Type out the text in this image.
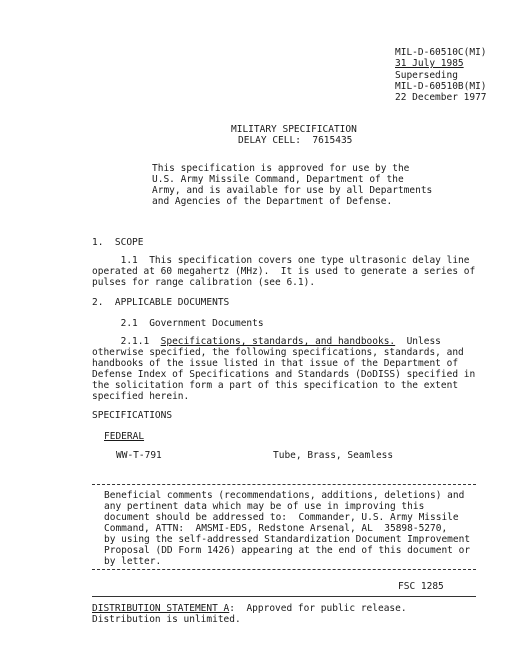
MIL-D-60510C(MI)
31 July 1985
Superseding
MIL-D-60510B(MI)
22 December 1977
MILITARY SPECIFICATION
DELAY CELL:  7615435
This specification is approved for use by the
U.S. Army Missile Command, Department of the
Army, and is available for use by all Departments
and Agencies of the Department of Defense.
1.  SCOPE
1.1  This specification covers one type ultrasonic delay line
operated at 60 megahertz (MHz).  It is used to generate a series of
pulses for range calibration (see 6.1).
2.  APPLICABLE DOCUMENTS
2.1  Government Documents
2.1.1  Specifications, standards, and handbooks.  Unless
otherwise specified, the following specifications, standards, and
handbooks of the issue listed in that issue of the Department of
Defense Index of Specifications and Standards (DoDISS) specified in
the solicitation form a part of this specification to the extent
specified herein.
SPECIFICATIONS
FEDERAL
WW-T-791	Tube, Brass, Seamless
Beneficial comments (recommendations, additions, deletions) and
any pertinent data which may be of use in improving this
document should be addressed to:  Commander, U.S. Army Missile
Command, ATTN:  AMSMI-EDS, Redstone Arsenal, AL  35898-5270,
by using the self-addressed Standardization Document Improvement
Proposal (DD Form 1426) appearing at the end of this document or
by letter.
FSC 1285
DISTRIBUTION STATEMENT A:  Approved for public release.
Distribution is unlimited.
